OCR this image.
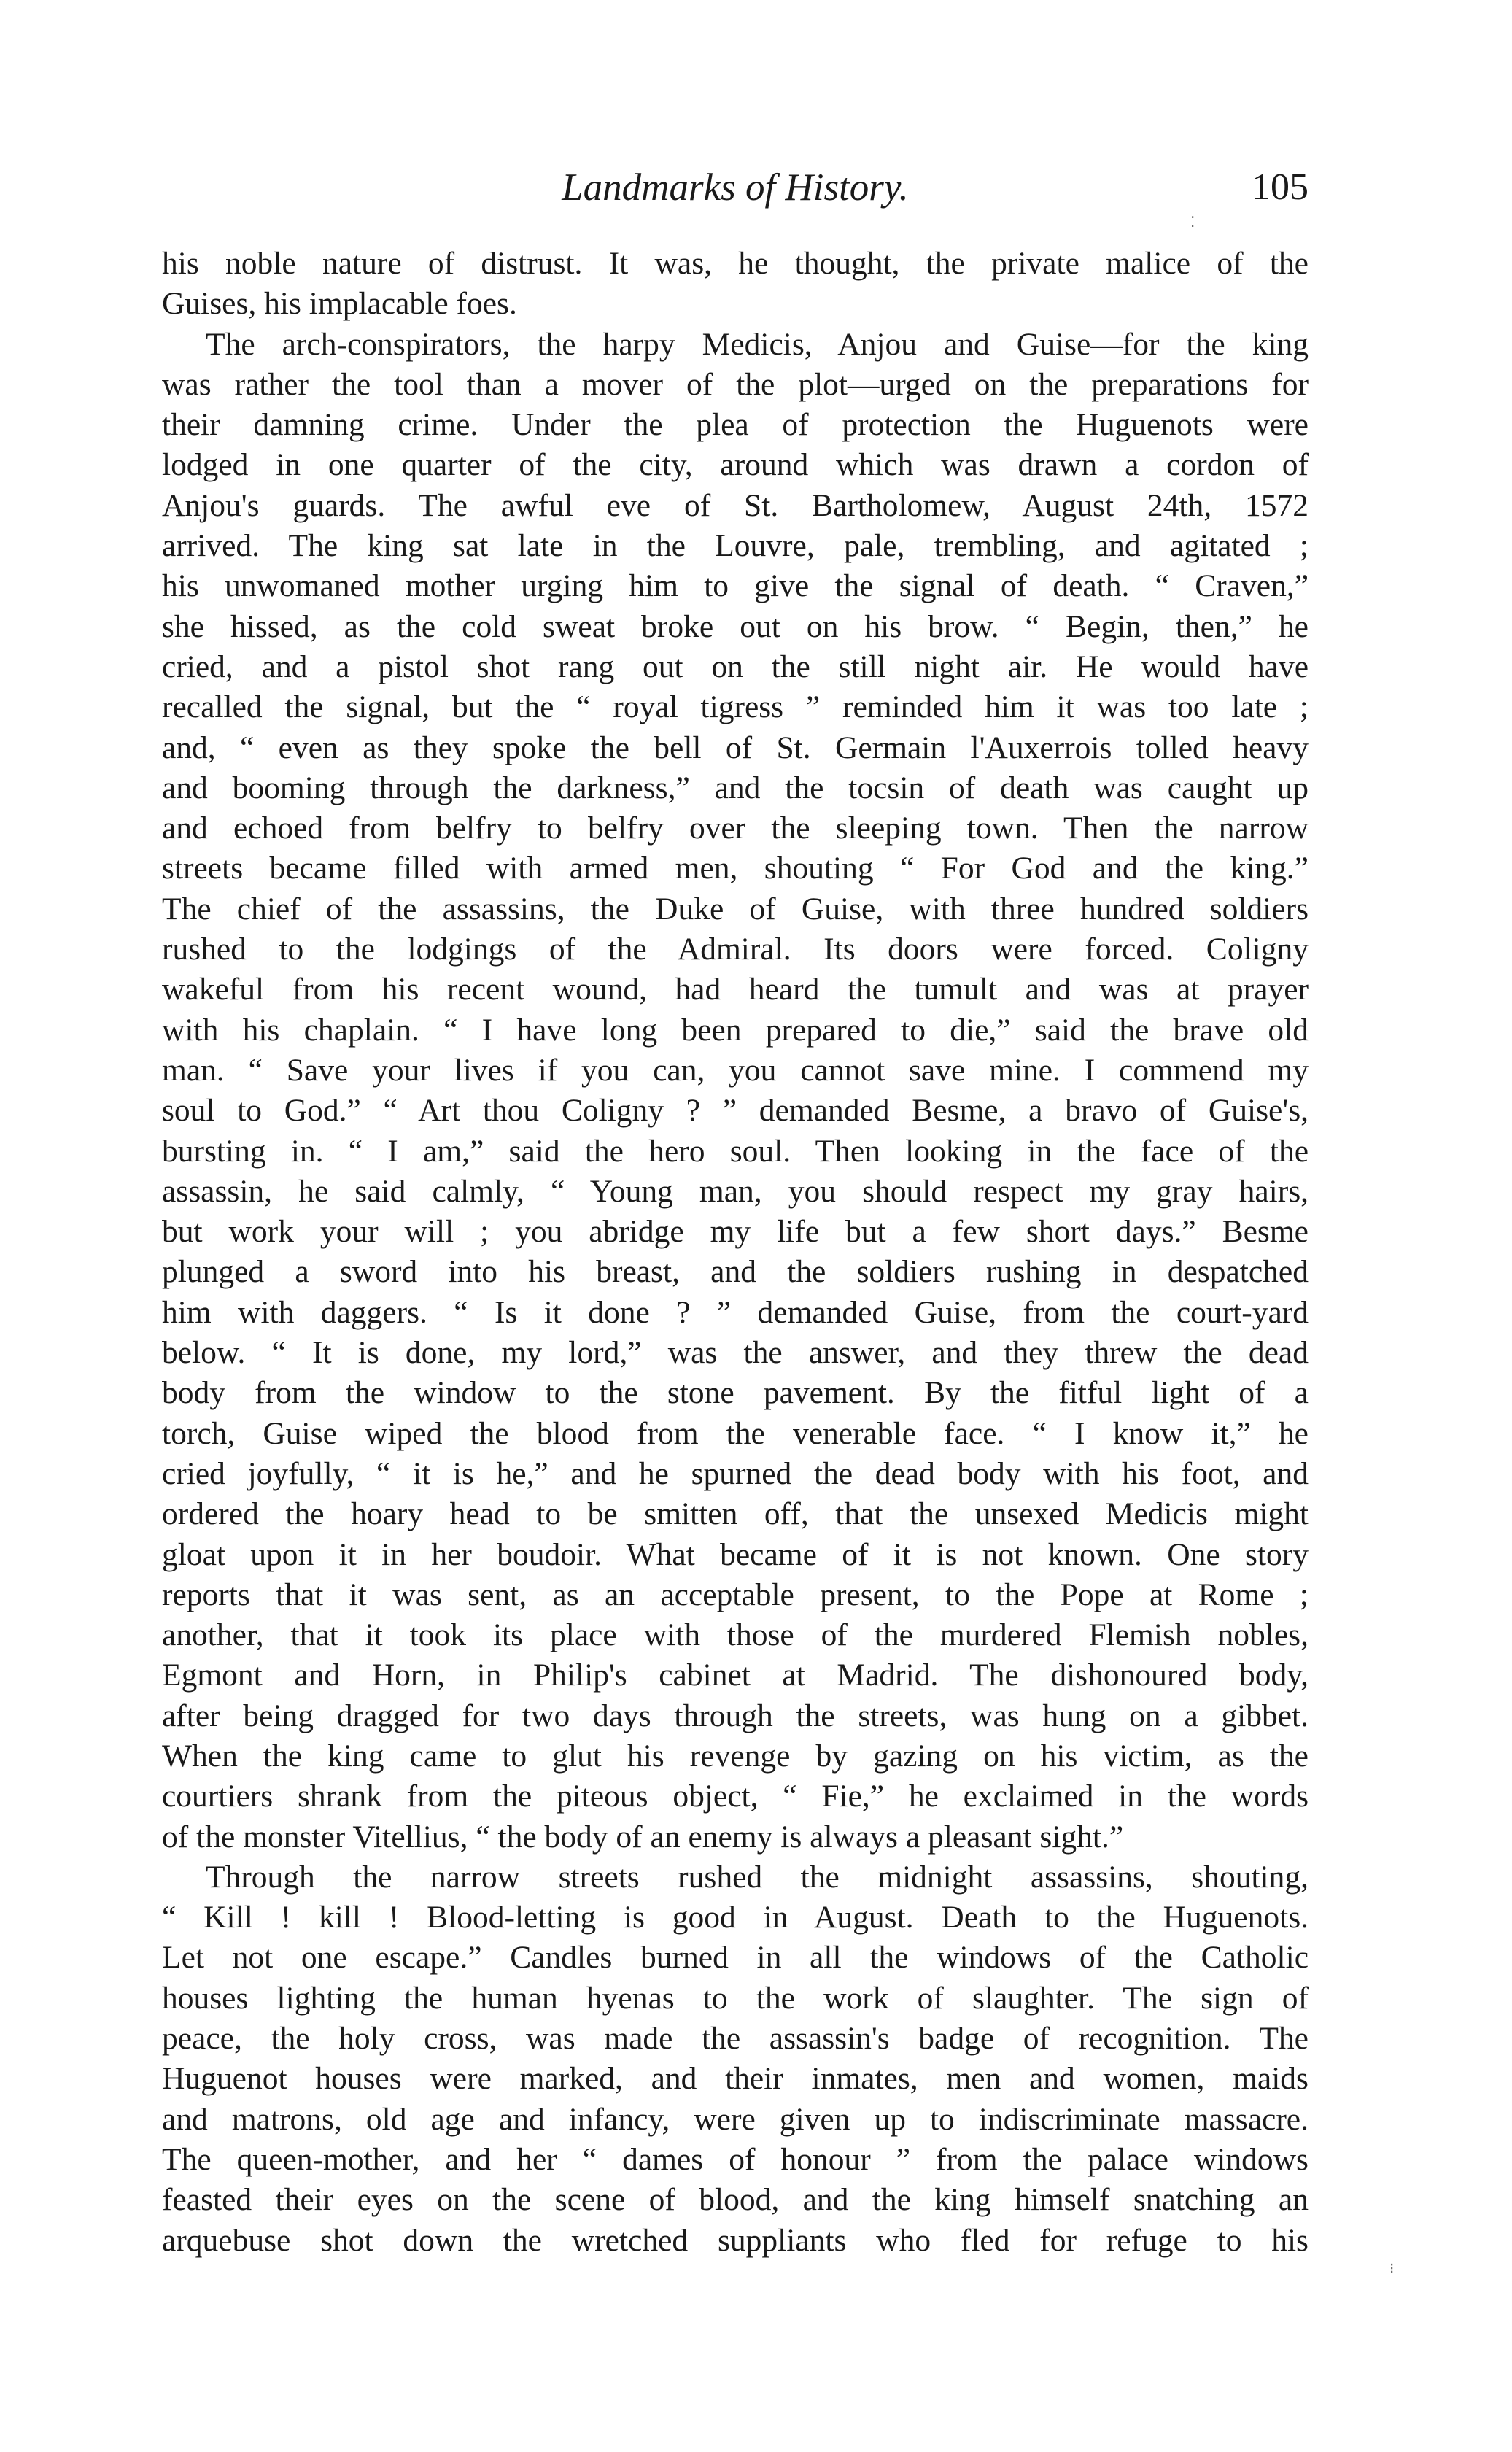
Landmarks of History.	105
his noble nature of distrust. It was, he thought, the private malice of the
Guises, his implacable foes.
The arch-conspirators, the harpy Medicis, Anjou and Guise—for the king
was rather the tool than a mover of the plot—urged on the preparations for
their damning crime. Under the plea of protection the Huguenots were
lodged in one quarter of the city, around which was drawn a cordon of
Anjou's guards. The awful eve of St. Bartholomew, August 24th, 1572
arrived. The king sat late in the Louvre, pale, trembling, and agitated ;
his unwomaned mother urging him to give the signal of death. “ Craven,”
she hissed, as the cold sweat broke out on his brow. “ Begin, then,” he
cried, and a pistol shot rang out on the still night air. He would have
recalled the signal, but the “ royal tigress ” reminded him it was too late ;
and, “ even as they spoke the bell of St. Germain l'Auxerrois tolled heavy
and booming through the darkness,” and the tocsin of death was caught up
and echoed from belfry to belfry over the sleeping town. Then the narrow
streets became filled with armed men, shouting “ For God and the king.”
The chief of the assassins, the Duke of Guise, with three hundred soldiers
rushed to the lodgings of the Admiral. Its doors were forced. Coligny
wakeful from his recent wound, had heard the tumult and was at prayer
with his chaplain. “ I have long been prepared to die,” said the brave old
man. “ Save your lives if you can, you cannot save mine. I commend my
soul to God.” “ Art thou Coligny ? ” demanded Besme, a bravo of Guise's,
bursting in. “ I am,” said the hero soul. Then looking in the face of the
assassin, he said calmly, “ Young man, you should respect my gray hairs,
but work your will ; you abridge my life but a few short days.” Besme
plunged a sword into his breast, and the soldiers rushing in despatched
him with daggers. “ Is it done ? ” demanded Guise, from the court-yard
below. “ It is done, my lord,” was the answer, and they threw the dead
body from the window to the stone pavement. By the fitful light of a
torch, Guise wiped the blood from the venerable face. “ I know it,” he
cried joyfully, “ it is he,” and he spurned the dead body with his foot, and
ordered the hoary head to be smitten off, that the unsexed Medicis might
gloat upon it in her boudoir. What became of it is not known. One story
reports that it was sent, as an acceptable present, to the Pope at Rome ;
another, that it took its place with those of the murdered Flemish nobles,
Egmont and Horn, in Philip's cabinet at Madrid. The dishonoured body,
after being dragged for two days through the streets, was hung on a gibbet.
When the king came to glut his revenge by gazing on his victim, as the
courtiers shrank from the piteous object, “ Fie,” he exclaimed in the words
of the monster Vitellius, “ the body of an enemy is always a pleasant sight.”
Through the narrow streets rushed the midnight assassins, shouting,
“ Kill ! kill ! Blood-letting is good in August. Death to the Huguenots.
Let not one escape.” Candles burned in all the windows of the Catholic
houses lighting the human hyenas to the work of slaughter. The sign of
peace, the holy cross, was made the assassin's badge of recognition. The
Huguenot houses were marked, and their inmates, men and women, maids
and matrons, old age and infancy, were given up to indiscriminate massacre.
The queen-mother, and her “ dames of honour ” from the palace windows
feasted their eyes on the scene of blood, and the king himself snatching an
arquebuse shot down the wretched suppliants who fled for refuge to his
⁚
⁝
